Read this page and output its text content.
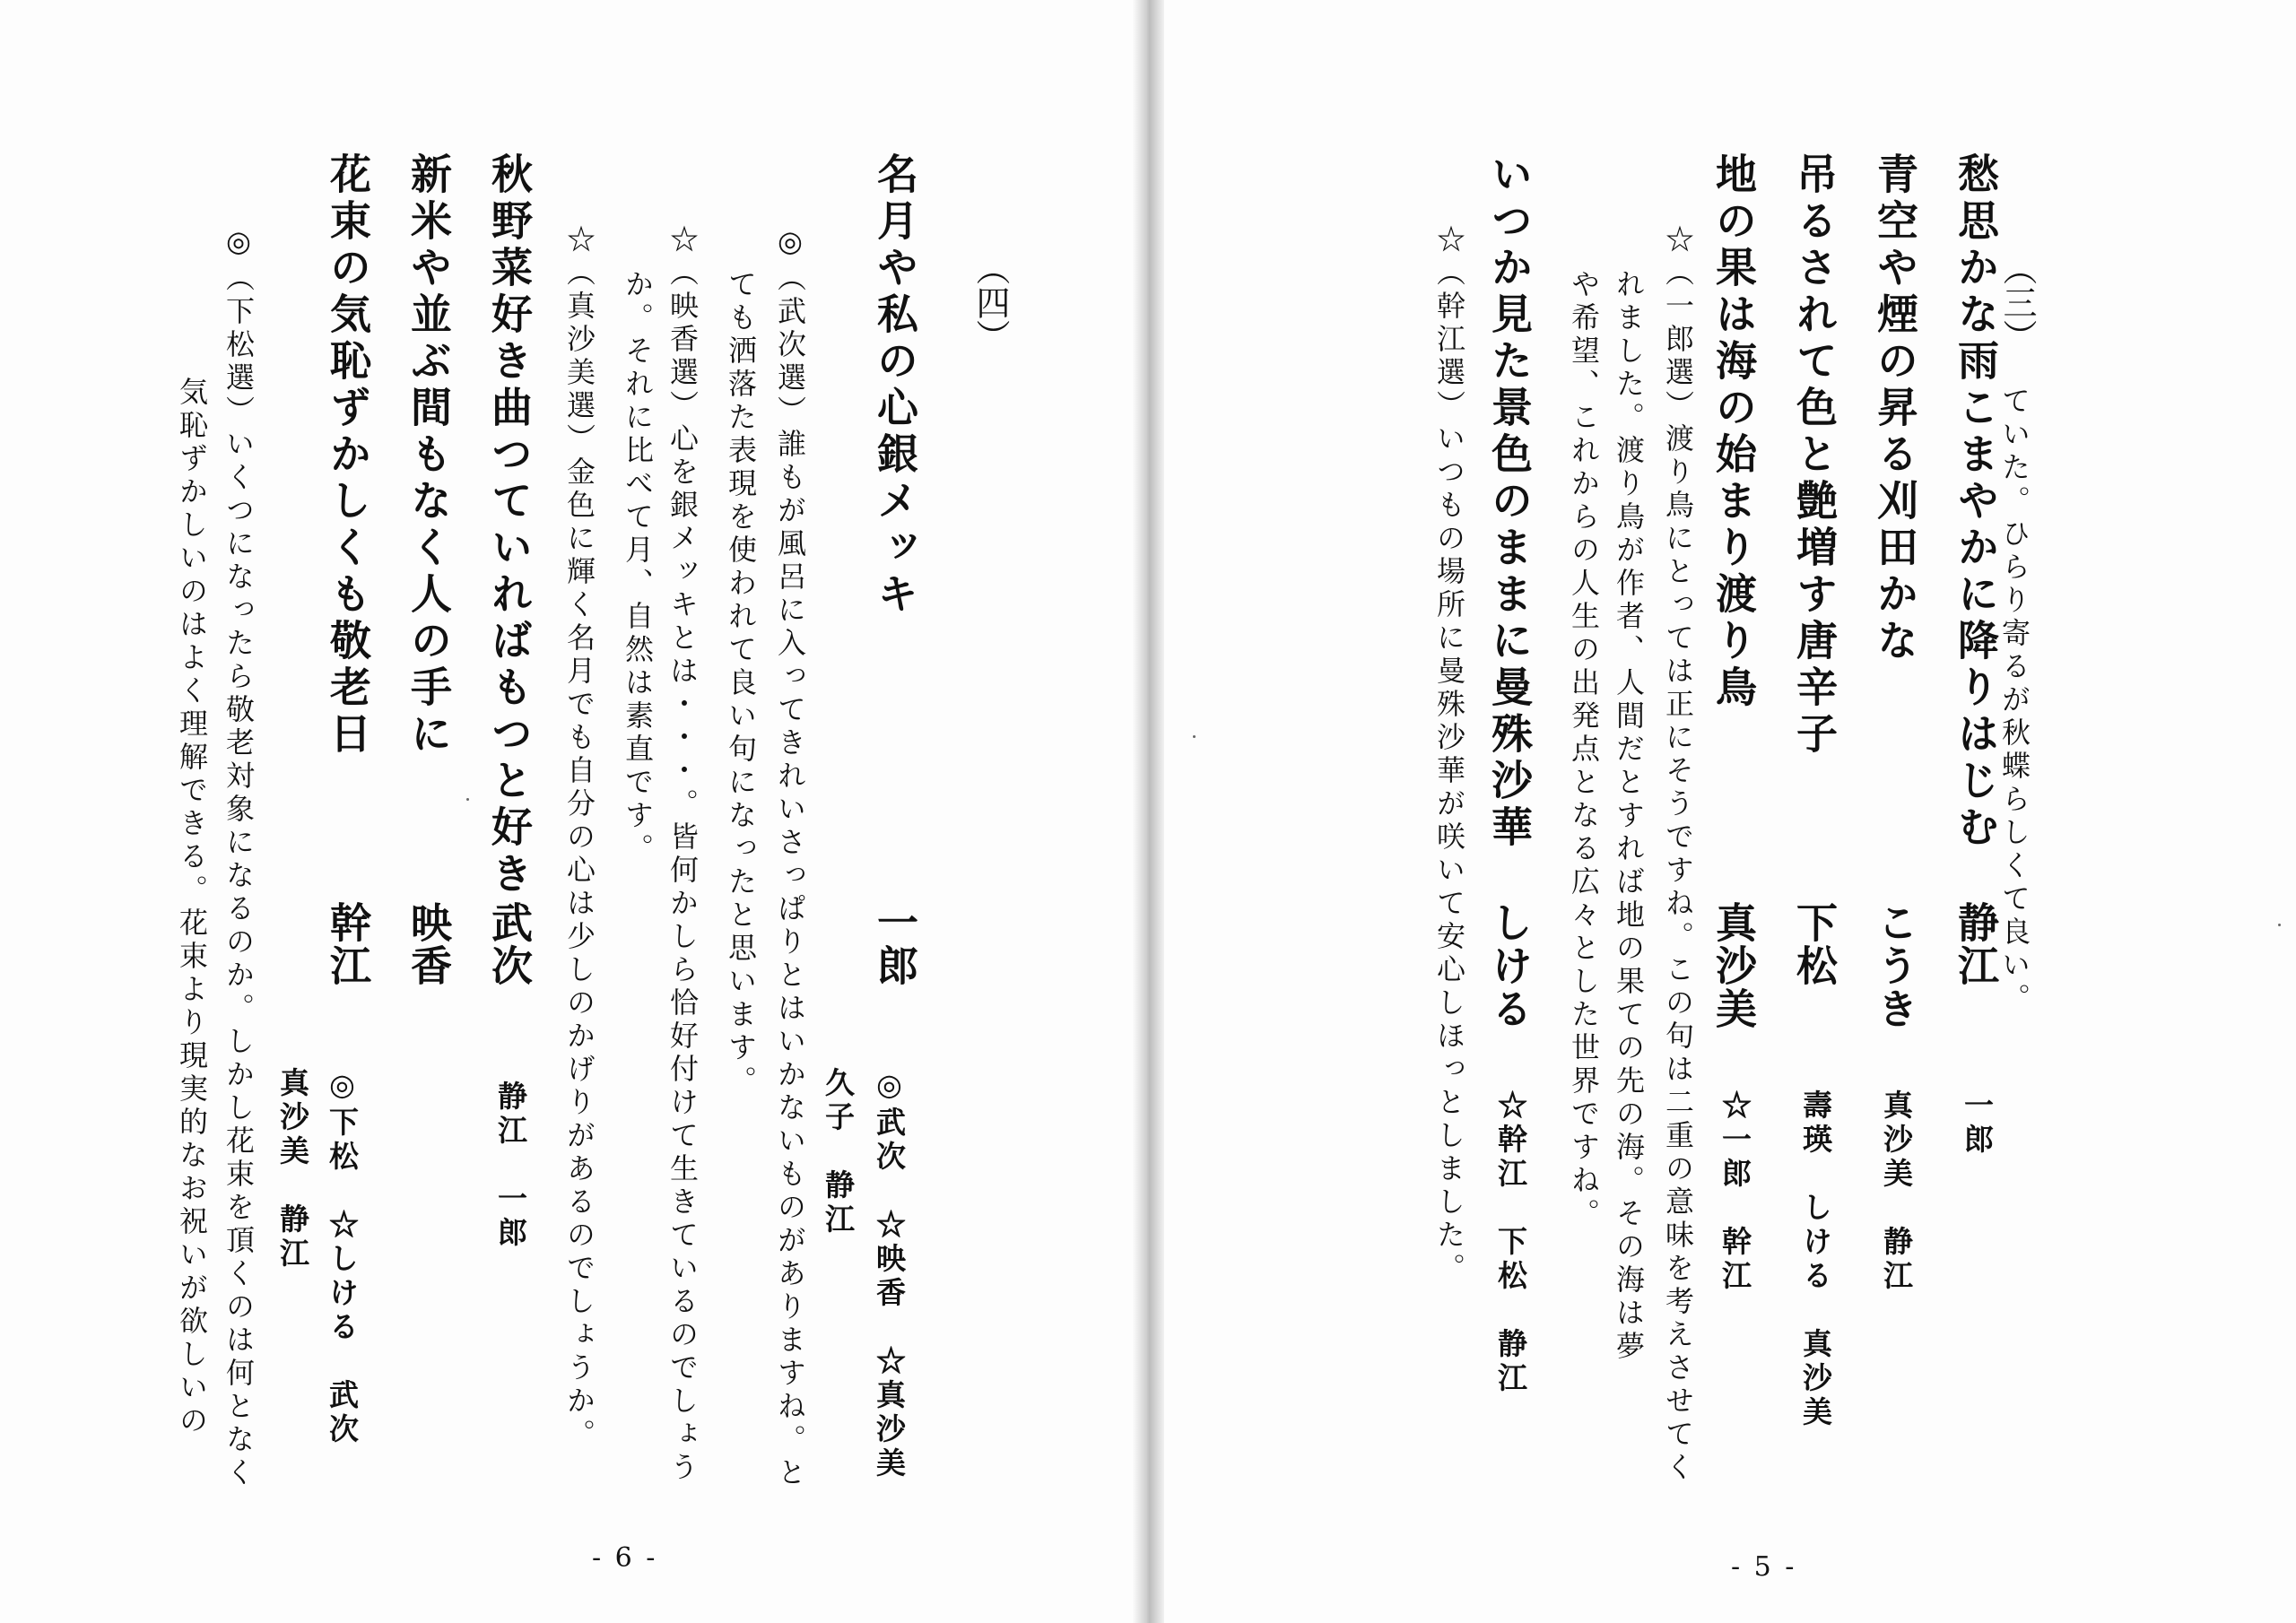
ていた。ひらり寄るが秋蝶らしくて良い。
（三）
愁思かな雨こまやかに降りはじむ
静江
一郎
青空や煙の昇る刈田かな
こうき
真沙美　静江
吊るされて色と艶増す唐辛子
下松
壽瑛　しける　真沙美
地の果は海の始まり渡り鳥
真沙美
☆一郎　幹江
☆（一郎選）渡り鳥にとっては正にそうですね。この句は二重の意味を考えさせてく
れました。渡り鳥が作者、人間だとすれば地の果ての先の海。その海は夢
や希望、これからの人生の出発点となる広々とした世界ですね。
いつか見た景色のままに曼殊沙華
しける
☆幹江　下松　静江
☆（幹江選）いつもの場所に曼殊沙華が咲いて安心しほっとしました。
- 5 -
（四）
名月や私の心銀メッキ
一郎
◎武次　☆映香　☆真沙美
久子　静江
◎（武次選）誰もが風呂に入ってきれいさっぱりとはいかないものがありますね。と
ても洒落た表現を使われて良い句になったと思います。
☆（映香選）心を銀メッキとは・・・。皆何かしら恰好付けて生きているのでしょう
か。それに比べて月、自然は素直です。
☆（真沙美選）金色に輝く名月でも自分の心は少しのかげりがあるのでしょうか。
秋野菜好き曲つていればもつと好き
武次
静江　一郎
新米や並ぶ間もなく人の手に
映香
花束の気恥ずかしくも敬老日
幹江
◎下松　☆しける　武次
真沙美　静江
◎（下松選）いくつになったら敬老対象になるのか。しかし花束を頂くのは何となく
気恥ずかしいのはよく理解できる。花束より現実的なお祝いが欲しいの
- 6 -
